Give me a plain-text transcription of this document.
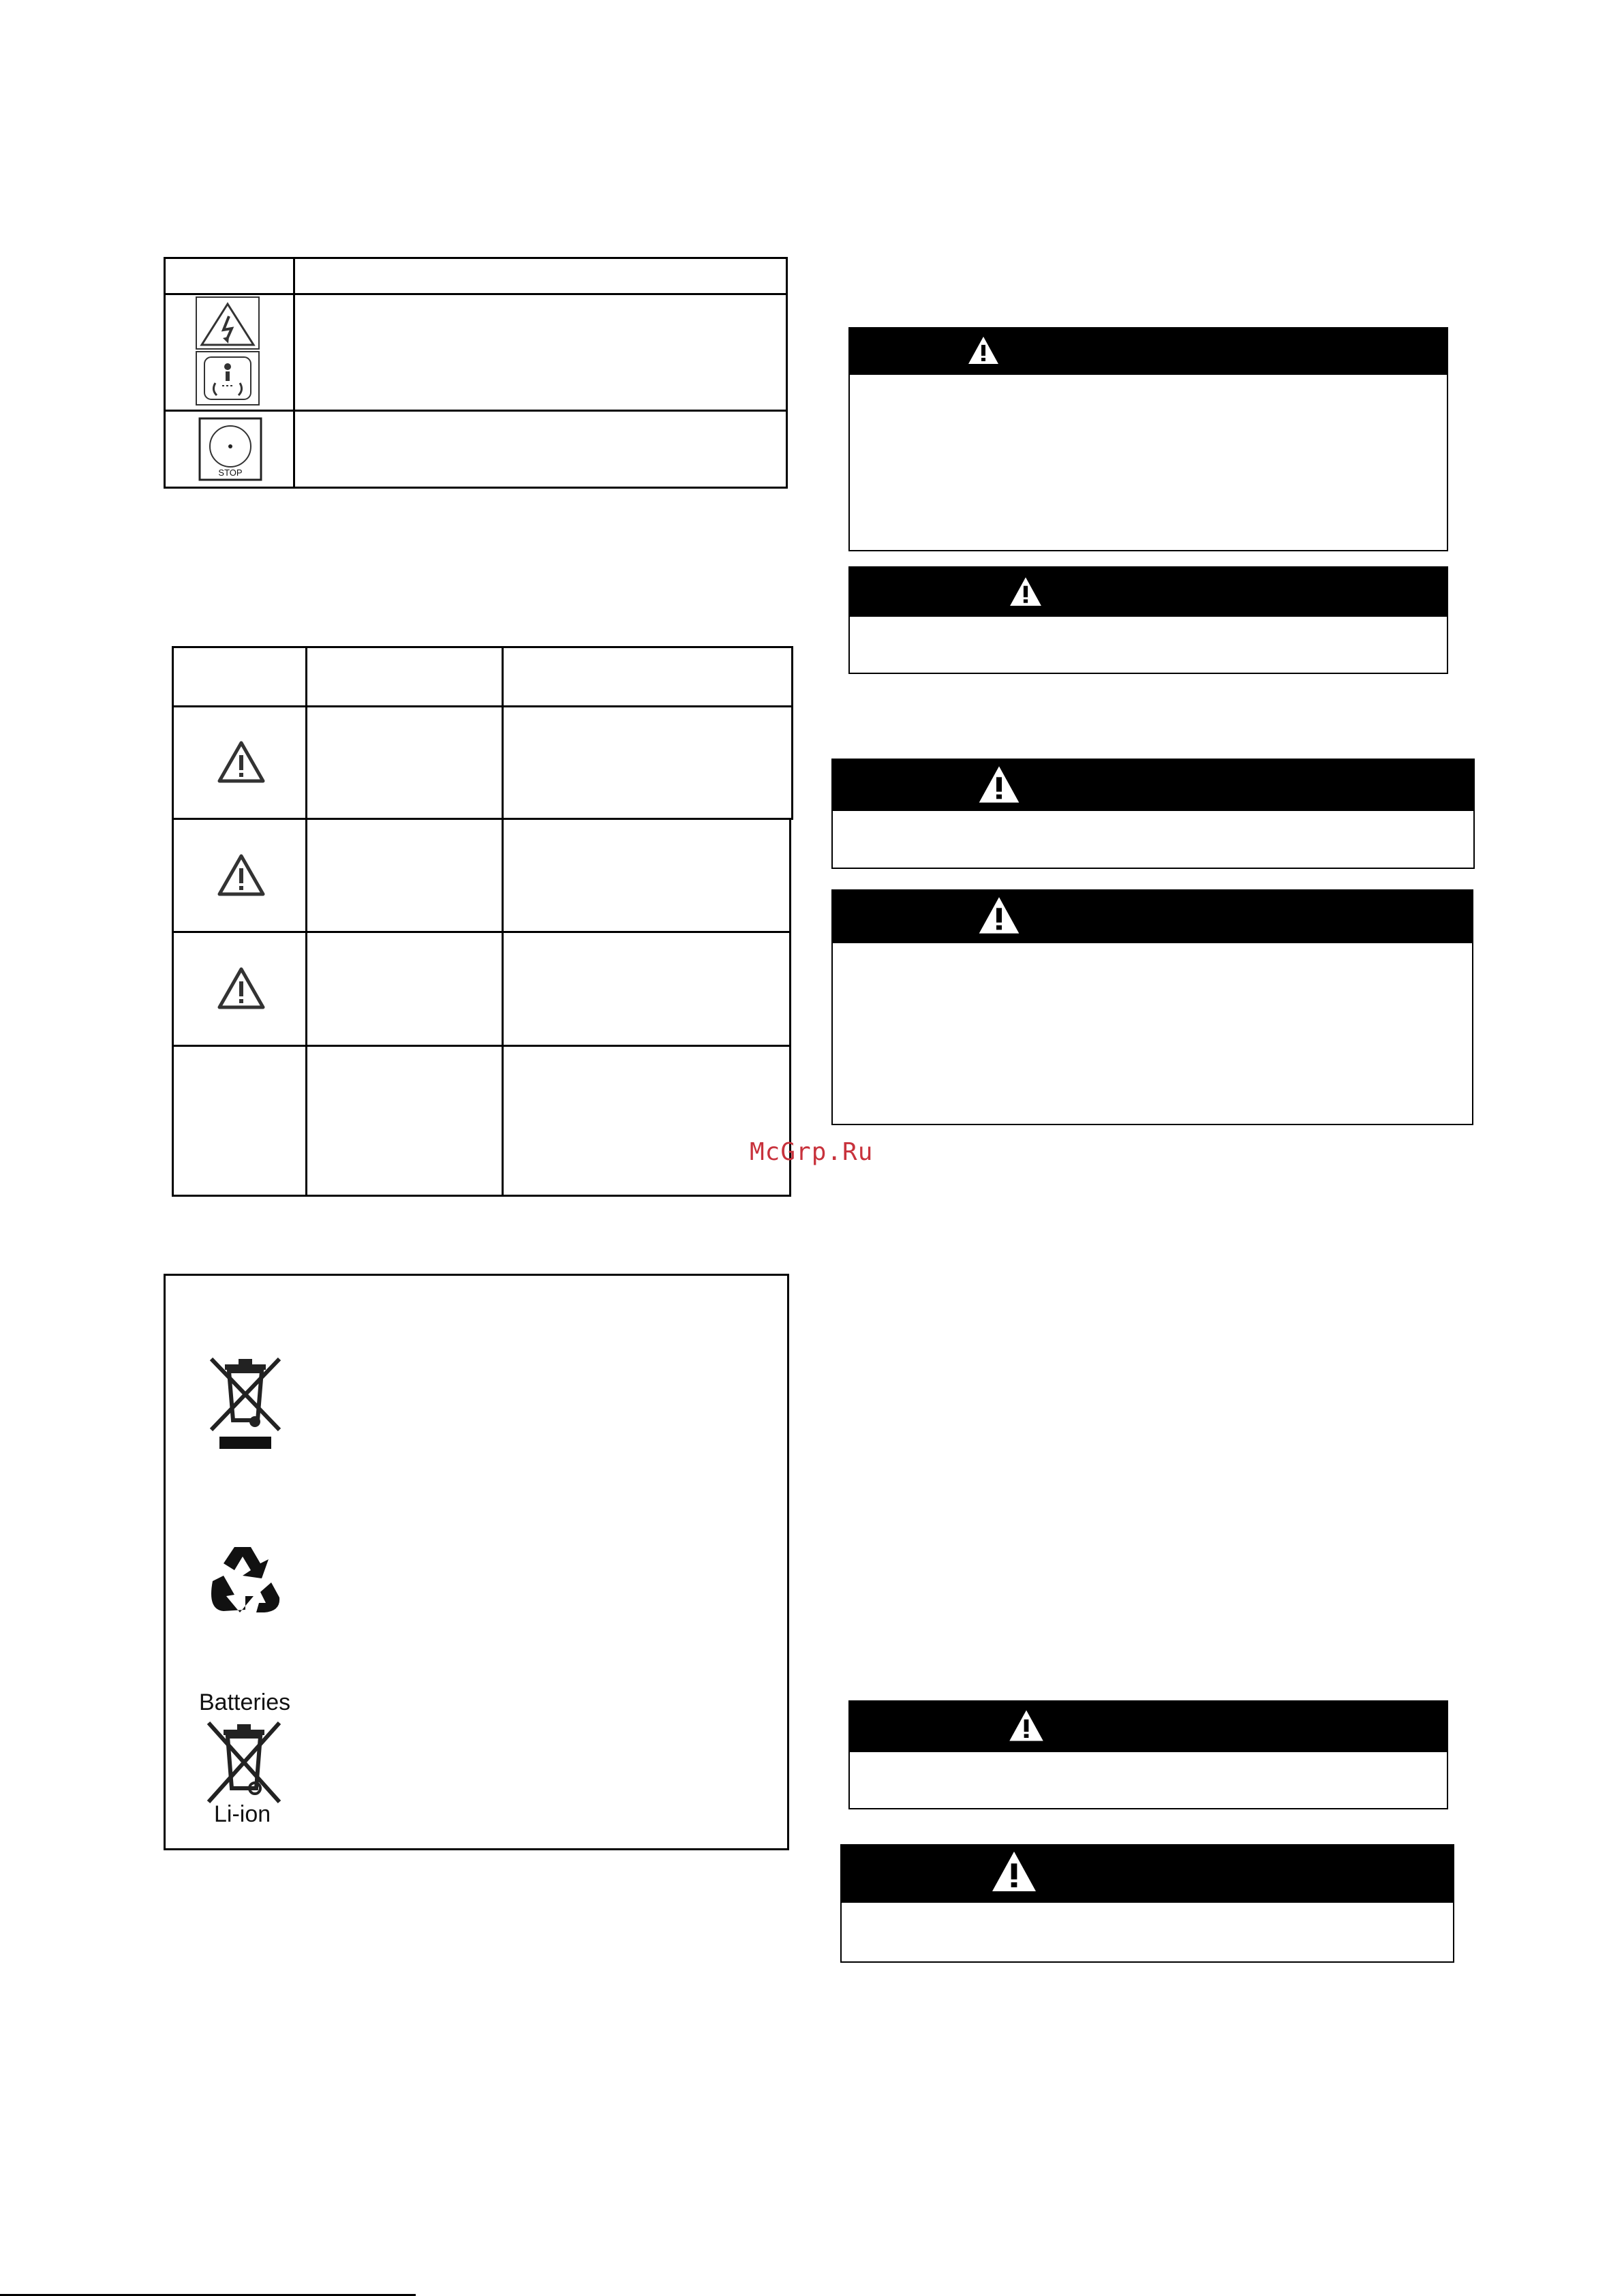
STOP
Batteries
Li-ion
McGrp.Ru
